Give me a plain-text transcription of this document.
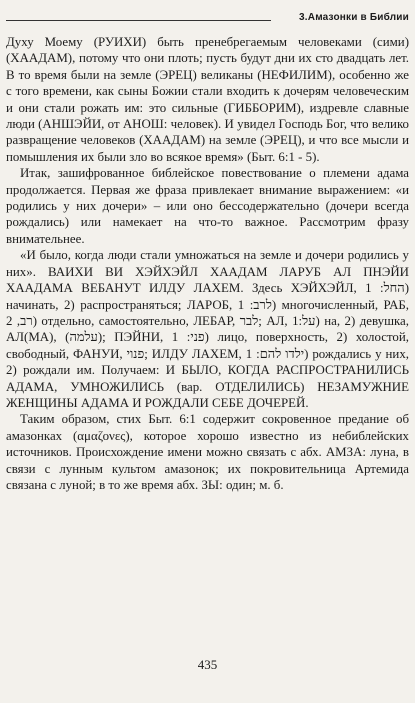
3.Амазонки в Библии

Духу Моему (РУИХИ) быть пренебрегаемым человеками (сими) (ХААДАМ), потому что они плоть; пусть будут дни их сто двадцать лет. В то время были на земле (ЭРЕЦ) великаны (НЕФИЛИМ), особенно же с того времени, как сыны Божии стали входить к дочерям человеческим и они стали рожать им: это сильные (ГИББОРИМ), издревле славные люди (АНШЭЙИ, от АНОШ: человек). И увидел Господь Бог, что велико развращение человеков (ХААДАМ) на земле (ЭРЕЦ), и что все мысли и помышления их были зло во всякое время» (Быт. 6:1 - 5).

Итак, зашифрованное библейское повествование о племени адама продолжается. Первая же фраза привлекает внимание выражением: «и родились у них дочери» – или оно бессодержательно (дочери всегда рождались) или намекает на что-то важное. Рассмотрим фразу внимательнее.

«И было, когда люди стали умножаться на земле и дочери родились у них». ВАИХИ ВИ ХЭЙХЭЙЛ ХААДАМ ЛАРУБ АЛ ПНЭЙИ ХААДАМА ВЕБАНУТ ИЛДУ ЛАХЕМ. Здесь ХЭЙХЭЙЛ, החל: 1) начинать, 2) распространяться; ЛАРОБ, לרב: 1) многочисленный, РАБ, רב, 2) отдельно, самостоятельно, ЛЕБАР, לבר; АЛ, על:1) на, 2) девушка, АЛ(МА), (עלמה); ПЭЙНИ, פני: 1) лицо, поверхность, 2) холостой, свободный, ФАНУИ, פנוי; ИЛДУ ЛАХЕМ, ילדו להם: 1) рождались у них, 2) рождали им. Получаем: И БЫЛО, КОГДА РАСПРОСТРАНИЛИСЬ АДАМА, УМНОЖИЛИСЬ (вар. ОТДЕЛИЛИСЬ) НЕЗАМУЖНИЕ ЖЕНЩИНЫ АДАМА И РОЖДАЛИ СЕБЕ ДОЧЕРЕЙ.

Таким образом, стих Быт. 6:1 содержит сокровенное предание об амазонках (αμαζονες), которое хорошо известно из небиблейских источников. Происхождение имени можно связать с абх. АМЗА: луна, в связи с лунным культом амазонок; их покровительница Артемида связана с луной; в то же время абх. ЗЫ: один; м. б.

435
